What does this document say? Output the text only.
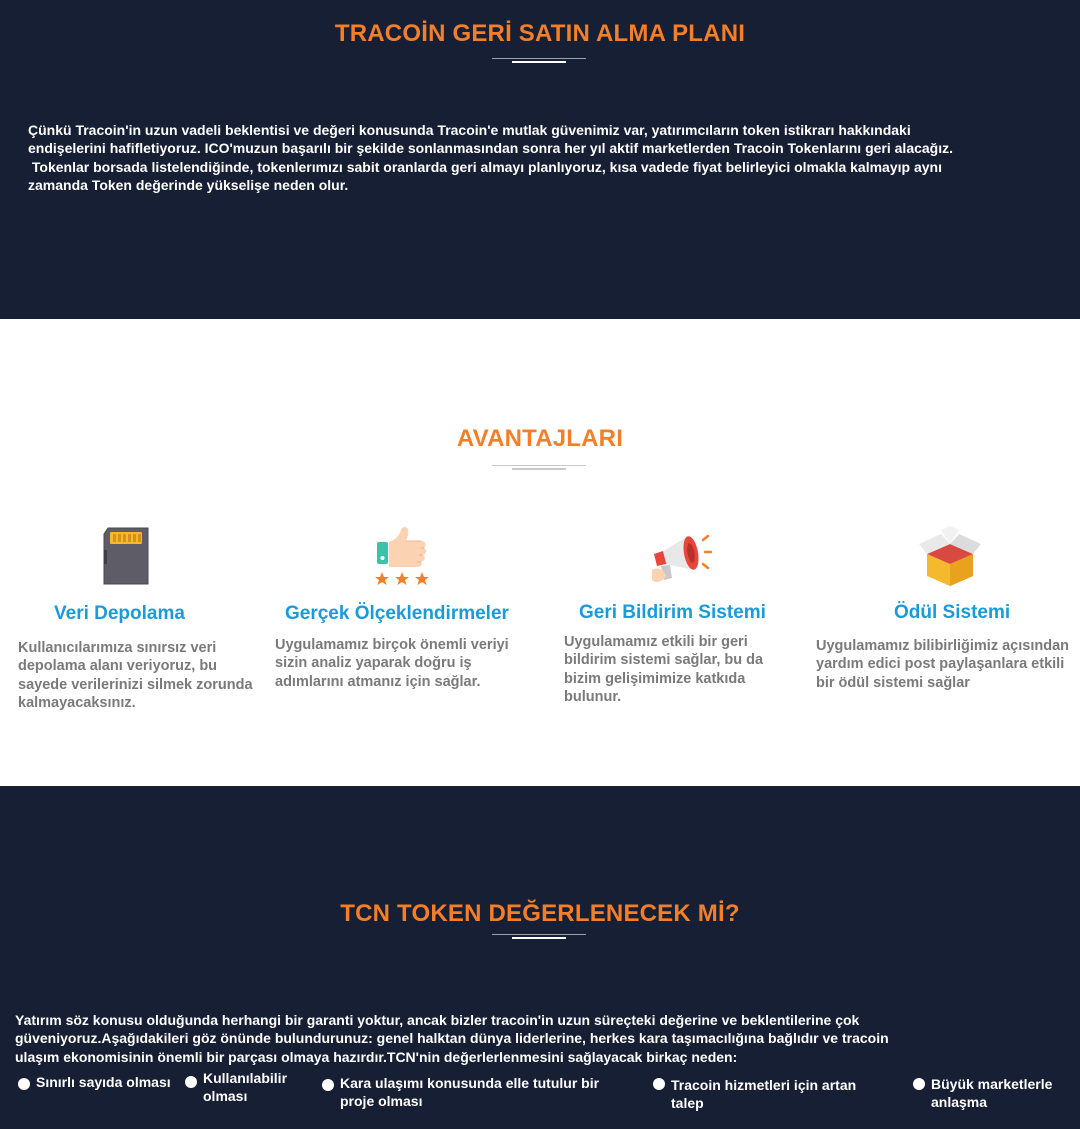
TRACOİN GERİ SATIN ALMA PLANI
Çünkü Tracoin'in uzun vadeli beklentisi ve değeri konusunda Tracoin'e mutlak güvenimiz var, yatırımcıların token istikrarı hakkındaki
endişelerini hafifletiyoruz. ICO'muzun başarılı bir şekilde sonlanmasından sonra her yıl aktif marketlerden Tracoin Tokenlarını geri alacağız.
Tokenlar borsada listelendiğinde, tokenlerımızı sabit oranlarda geri almayı planlıyoruz, kısa vadede fiyat belirleyici olmakla kalmayıp aynı
zamanda Token değerinde yükselişe neden olur.
AVANTAJLARI
Veri Depolama
Kullanıcılarımıza sınırsız veri
depolama alanı veriyoruz, bu
sayede verilerinizi silmek zorunda
kalmayacaksınız.
Gerçek Ölçeklendirmeler
Uygulamamız birçok önemli veriyi
sizin analiz yaparak doğru iş
adımlarını atmanız için sağlar.
Geri Bildirim Sistemi
Uygulamamız etkili bir geri
bildirim sistemi sağlar, bu da
bizim gelişimimize katkıda
bulunur.
Ödül Sistemi
Uygulamamız bilibirliğimiz açısından
yardım edici post paylaşanlara etkili
bir ödül sistemi sağlar
TCN TOKEN DEĞERLENECEK Mİ?
Yatırım söz konusu olduğunda herhangi bir garanti yoktur, ancak bizler tracoin'in uzun süreçteki değerine ve beklentilerine çok
güveniyoruz.Aşağıdakileri göz önünde bulundurunuz: genel halktan dünya liderlerine, herkes kara taşımacılığına bağlıdır ve tracoin
ulaşım ekonomisinin önemli bir parçası olmaya hazırdır.TCN'nin değerlerlenmesini sağlayacak birkaç neden:
Sınırlı sayıda olması Kullanılabilir
olması
Kara ulaşımı konusunda elle tutulur bir
proje olması
Tracoin hizmetleri için artan
talep
Büyük marketlerle
anlaşma
